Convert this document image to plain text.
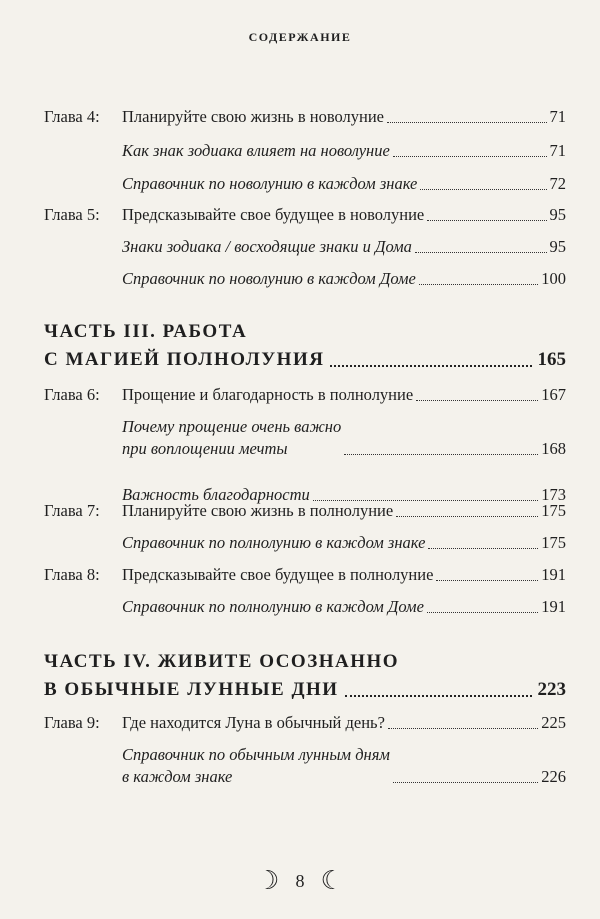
СОДЕРЖАНИЕ
Глава 4:	Планируйте свою жизнь в новолуние	71
Как знак зодиака влияет на новолуние	71
Справочник по новолунию в каждом знаке	72
Глава 5:	Предсказывайте свое будущее в новолуние	95
Знаки зодиака / восходящие знаки и Дома	95
Справочник по новолунию в каждом Доме	100
ЧАСТЬ III. РАБОТА
С МАГИЕЙ ПОЛНОЛУНИЯ	165
Глава 6:	Прощение и благодарность в полнолуние	167
Почему прощение очень важно
при воплощении мечты	168
Важность благодарности	173
Глава 7:	Планируйте свою жизнь в полнолуние	175
Справочник по полнолунию в каждом знаке	175
Глава 8:	Предсказывайте свое будущее в полнолуние	191
Справочник по полнолунию в каждом Доме	191
ЧАСТЬ IV. ЖИВИТЕ ОСОЗНАННО
В ОБЫЧНЫЕ ЛУННЫЕ ДНИ	223
Глава 9:	Где находится Луна в обычный день?	225
Справочник по обычным лунным дням
в каждом знаке	226
☾ 8 ☾
